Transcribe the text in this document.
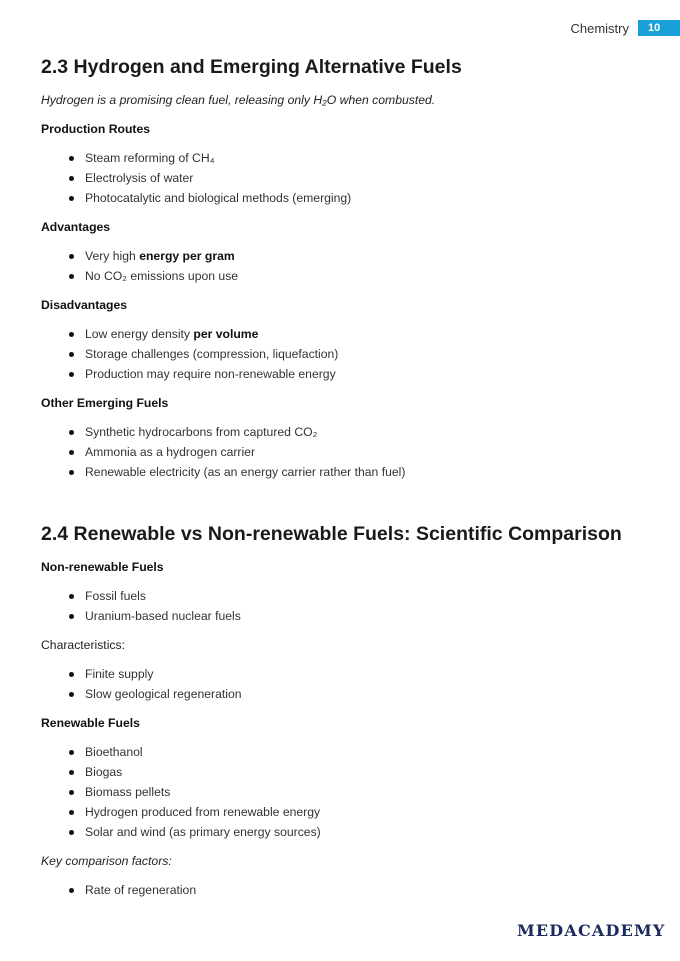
Chemistry	10
2.3 Hydrogen and Emerging Alternative Fuels
Hydrogen is a promising clean fuel, releasing only H₂O when combusted.
Production Routes
Steam reforming of CH₄
Electrolysis of water
Photocatalytic and biological methods (emerging)
Advantages
Very high energy per gram
No CO₂ emissions upon use
Disadvantages
Low energy density per volume
Storage challenges (compression, liquefaction)
Production may require non-renewable energy
Other Emerging Fuels
Synthetic hydrocarbons from captured CO₂
Ammonia as a hydrogen carrier
Renewable electricity (as an energy carrier rather than fuel)
2.4 Renewable vs Non-renewable Fuels: Scientific Comparison
Non-renewable Fuels
Fossil fuels
Uranium-based nuclear fuels
Characteristics:
Finite supply
Slow geological regeneration
Renewable Fuels
Bioethanol
Biogas
Biomass pellets
Hydrogen produced from renewable energy
Solar and wind (as primary energy sources)
Key comparison factors:
Rate of regeneration
MEDACADEMY
